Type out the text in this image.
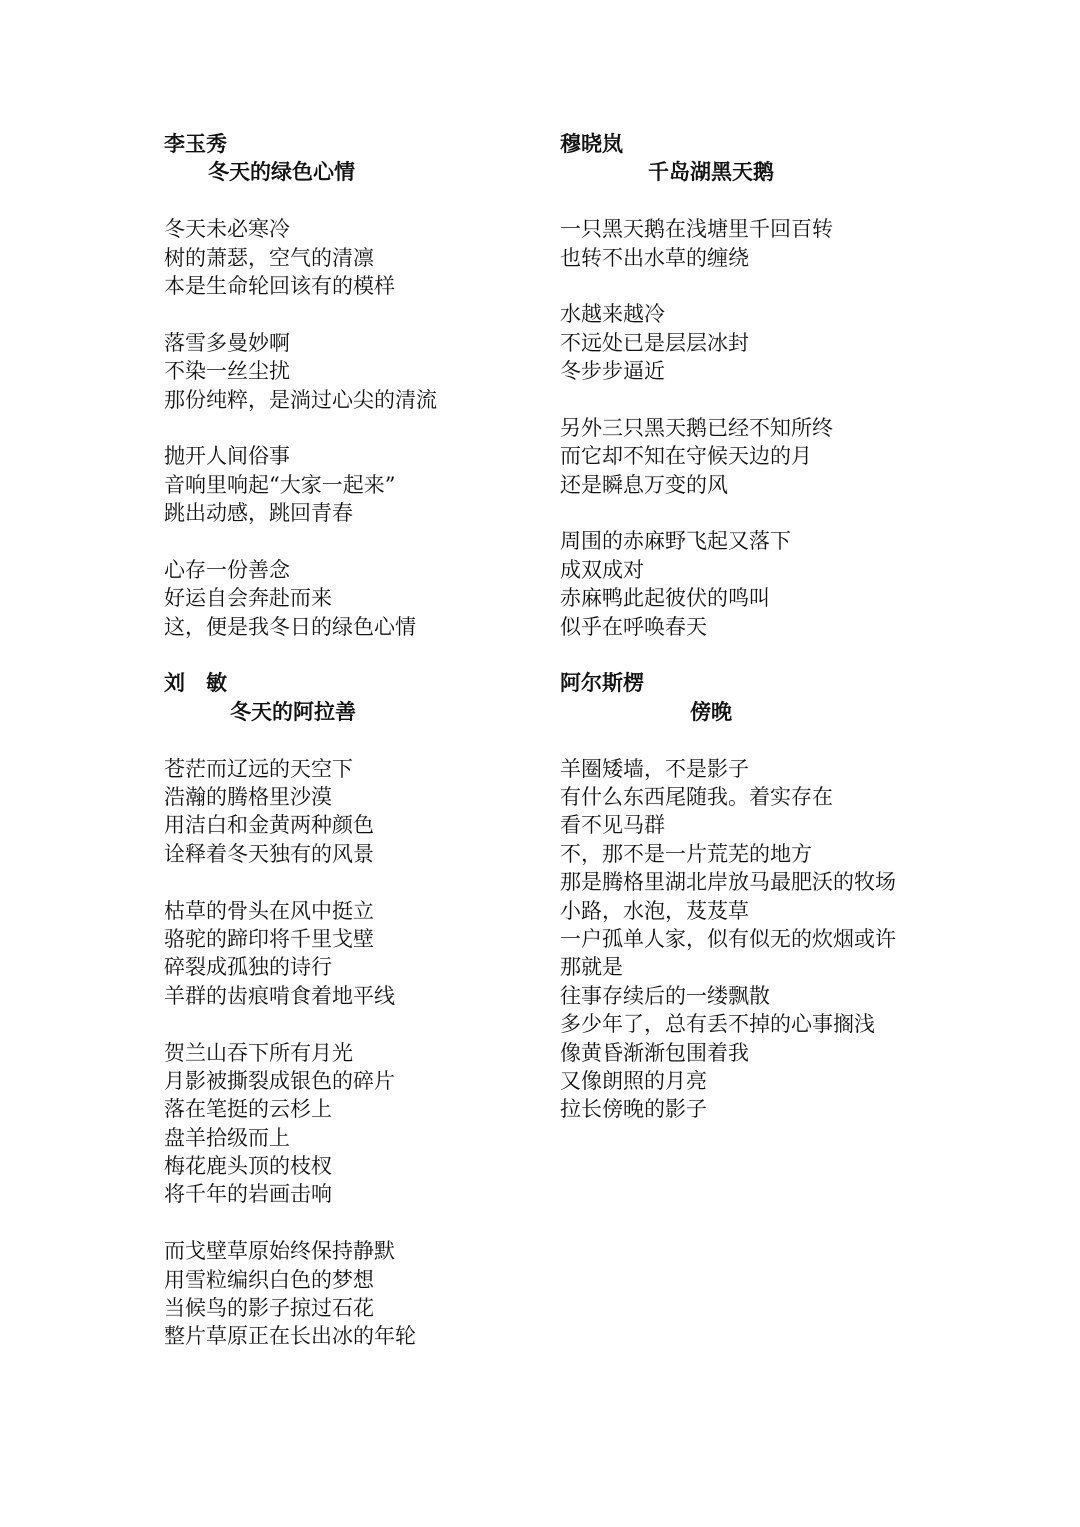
李玉秀
冬天的绿色心情
冬天未必寒冷
树的萧瑟，空气的清凛
本是生命轮回该有的模样
落雪多曼妙啊
不染一丝尘扰
那份纯粹，是淌过心尖的清流
抛开人间俗事
音响里响起“大家一起来”
跳出动感，跳回青春
心存一份善念
好运自会奔赴而来
这，便是我冬日的绿色心情
刘　敏
冬天的阿拉善
苍茫而辽远的天空下
浩瀚的腾格里沙漠
用洁白和金黄两种颜色
诠释着冬天独有的风景
枯草的骨头在风中挺立
骆驼的蹄印将千里戈壁
碎裂成孤独的诗行
羊群的齿痕啃食着地平线
贺兰山吞下所有月光
月影被撕裂成银色的碎片
落在笔挺的云杉上
盘羊拾级而上
梅花鹿头顶的枝杈
将千年的岩画击响
而戈壁草原始终保持静默
用雪粒编织白色的梦想
当候鸟的影子掠过石花
整片草原正在长出冰的年轮
穆晓岚
千岛湖黑天鹅
一只黑天鹅在浅塘里千回百转
也转不出水草的缠绕
水越来越冷
不远处已是层层冰封
冬步步逼近
另外三只黑天鹅已经不知所终
而它却不知在守候天边的月
还是瞬息万变的风
周围的赤麻野飞起又落下
成双成对
赤麻鸭此起彼伏的鸣叫
似乎在呼唤春天
阿尔斯楞
傍晚
羊圈矮墙，不是影子
有什么东西尾随我。着实存在
看不见马群
不，那不是一片荒芜的地方
那是腾格里湖北岸放马最肥沃的牧场
小路，水泡，芨芨草
一户孤单人家，似有似无的炊烟或许
那就是
往事存续后的一缕飘散
多少年了，总有丢不掉的心事搁浅
像黄昏渐渐包围着我
又像朗照的月亮
拉长傍晚的影子
